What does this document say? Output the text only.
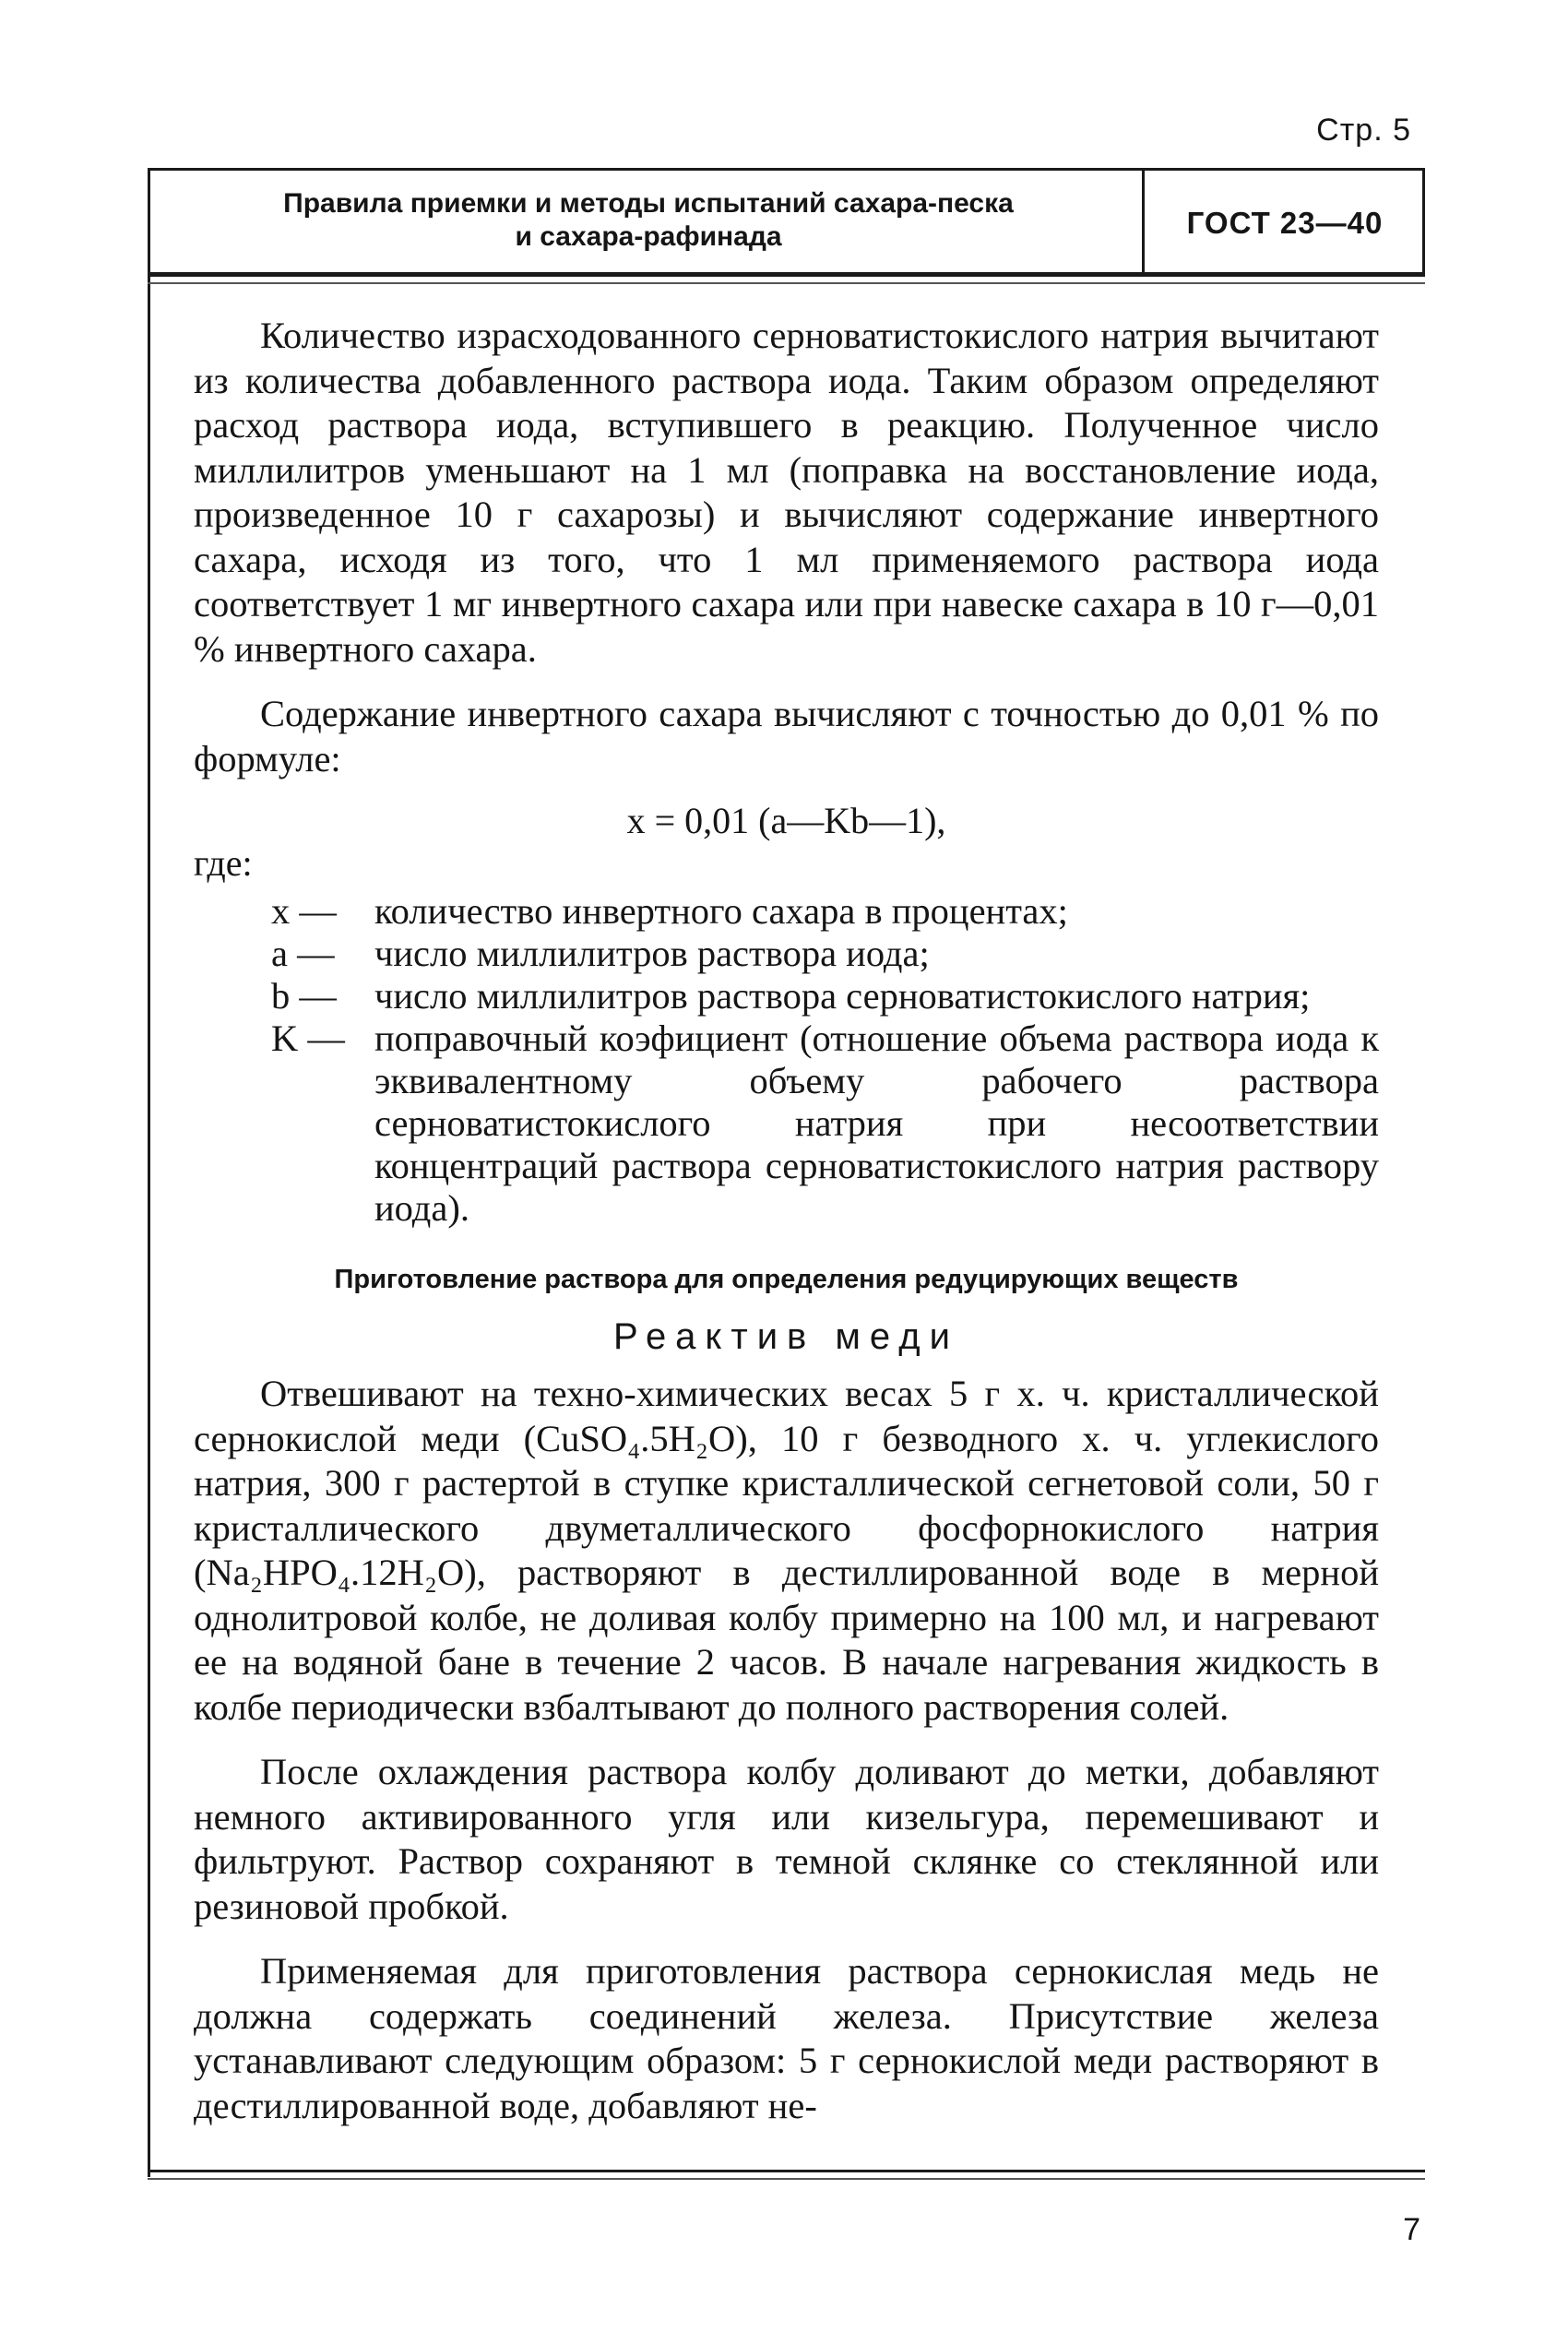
Стр. 5
Правила приемки и методы испытаний сахара-песка
и сахара-рафинада	ГОСТ 23—40

Количество израсходованного серноватистокислого натрия вычитают из количества добавленного раствора иода. Таким образом определяют расход раствора иода, вступившего в реакцию. Полученное число миллилитров уменьшают на 1 мл (поправка на восстановление иода, произведенное 10 г сахарозы) и вычисляют содержание инвертного сахара, исходя из того, что 1 мл применяемого раствора иода соответствует 1 мг инвертного сахара или при навеске сахара в 10 г—0,01 % инвертного сахара.

Содержание инвертного сахара вычисляют с точностью до 0,01 % по формуле:

x = 0,01 (a—Kb—1),
где:
x —	количество инвертного сахара в процентах;
a —	число миллилитров раствора иода;
b —	число миллилитров раствора серноватистокислого натрия;
K — поправочный коэфициент (отношение объема раствора иода к эквивалентному объему рабочего раствора серноватистокислого натрия при несоответствии концентраций раствора серноватистокислого натрия раствору иода).
Приготовление раствора для определения редуцирующих веществ
Реактив меди

Отвешивают на техно-химических весах 5 г х. ч. кристаллической сернокислой меди (CuSO₄.5H₂O), 10 г безводного х. ч. углекислого натрия, 300 г растертой в ступке кристаллической сегнетовой соли, 50 г кристаллического двуметаллического фосфорнокислого натрия (Na₂HPO₄.12H₂O), растворяют в дестиллированной воде в мерной однолитровой колбе, не доливая колбу примерно на 100 мл, и нагревают ее на водяной бане в течение 2 часов. В начале нагревания жидкость в колбе периодически взбалтывают до полного растворения солей.

После охлаждения раствора колбу доливают до метки, добавляют немного активированного угля или кизельгура, перемешивают и фильтруют. Раствор сохраняют в темной склянке со стеклянной или резиновой пробкой.

Применяемая для приготовления раствора сернокислая медь не должна содержать соединений железа. Присутствие железа устанавливают следующим образом: 5 г сернокислой меди растворяют в дестиллированной воде, добавляют не-

7
